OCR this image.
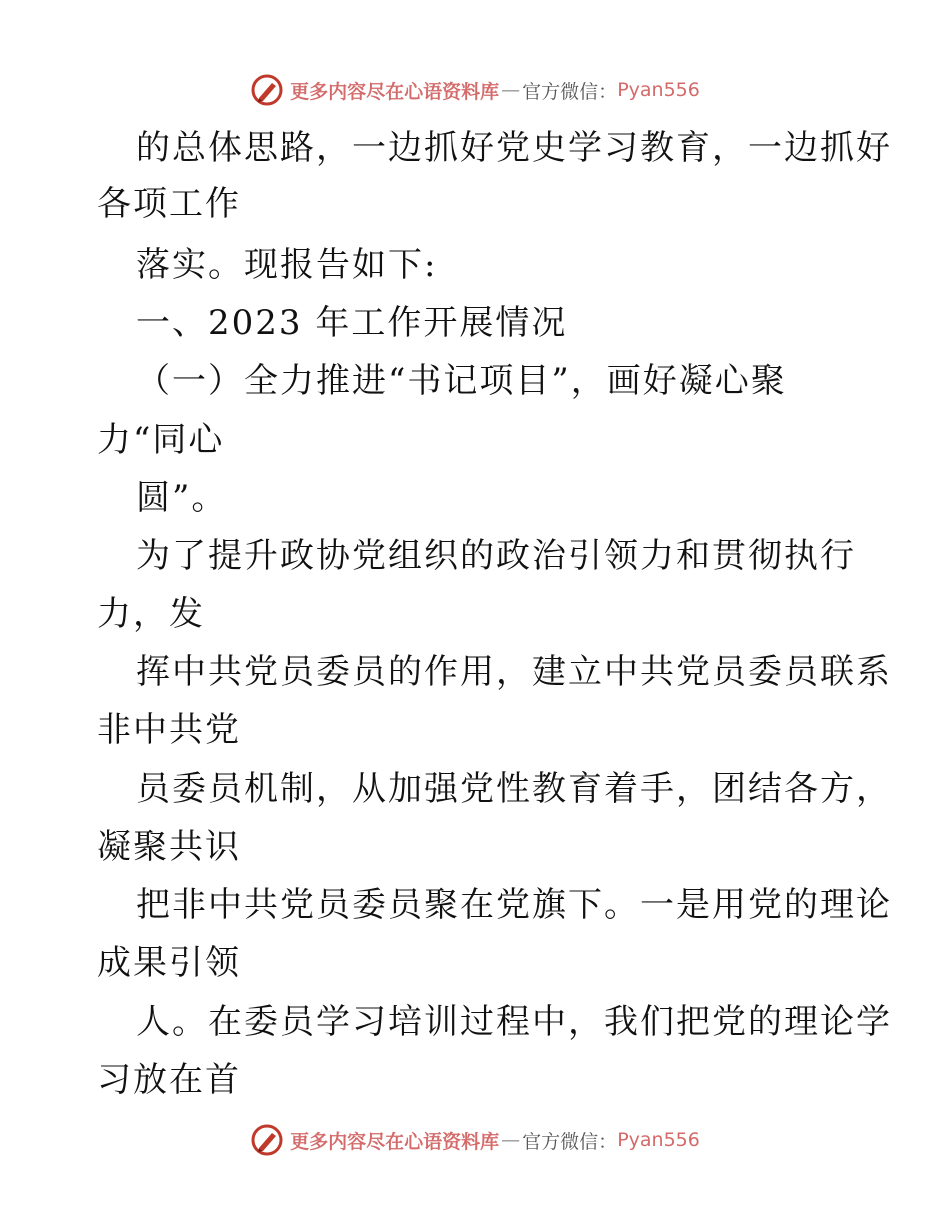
更多内容尽在心语资料库 — 官方微信： Pyan556
的总体思路，一边抓好党史学习教育，一边抓好
各项工作
落实。现报告如下:
一、2023 年工作开展情况
（一）全力推进“书记项目”，画好凝心聚
力“同心
圆”。
为了提升政协党组织的政治引领力和贯彻执行
力，发
挥中共党员委员的作用，建立中共党员委员联系
非中共党
员委员机制，从加强党性教育着手，团结各方，
凝聚共识
把非中共党员委员聚在党旗下。一是用党的理论
成果引领
人。在委员学习培训过程中，我们把党的理论学
习放在首
更多内容尽在心语资料库 — 官方微信： Pyan556
